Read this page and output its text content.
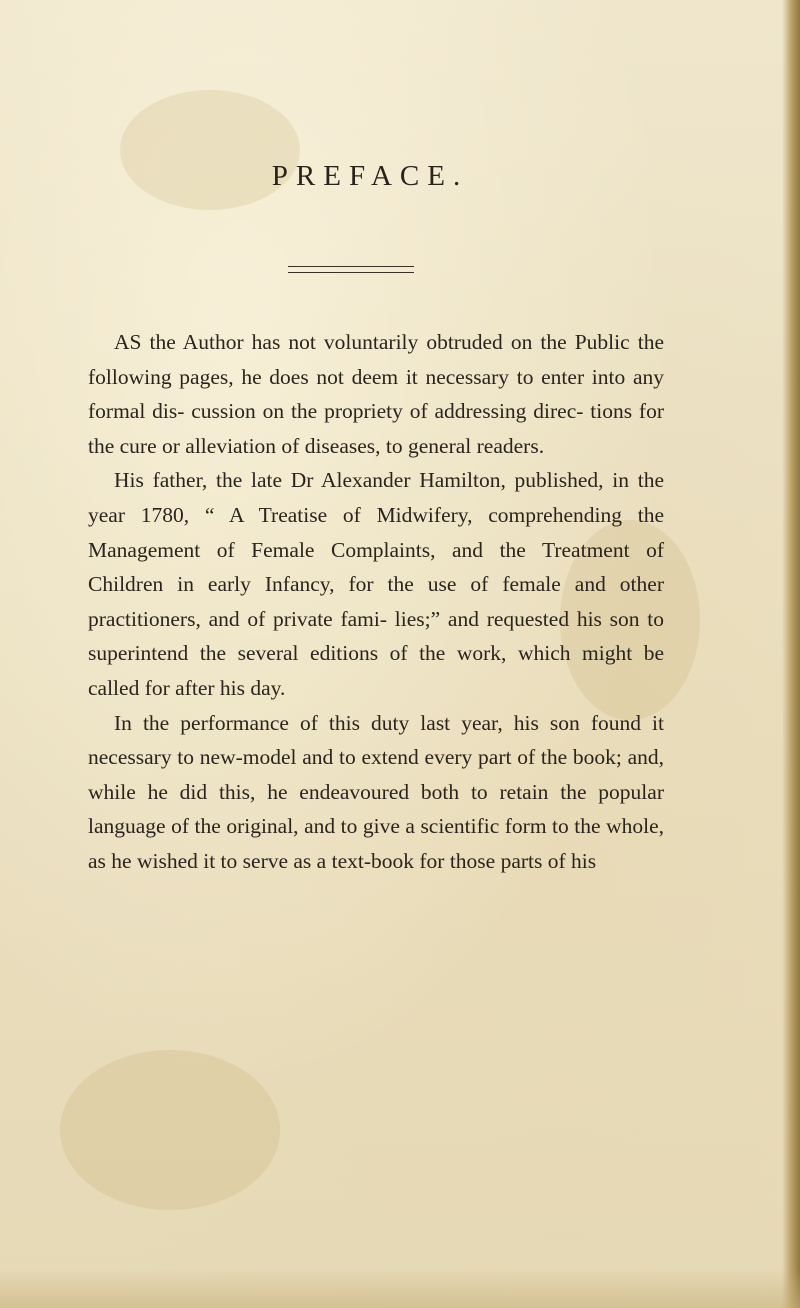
PREFACE.

AS the Author has not voluntarily obtruded on the Public the following pages, he does not deem it necessary to enter into any formal dis- cussion on the propriety of addressing direc- tions for the cure or alleviation of diseases, to general readers.

His father, the late Dr Alexander Hamilton, published, in the year 1780, “ A Treatise of Midwifery, comprehending the Management of Female Complaints, and the Treatment of Children in early Infancy, for the use of female and other practitioners, and of private fami- lies;” and requested his son to superintend the several editions of the work, which might be called for after his day.

In the performance of this duty last year, his son found it necessary to new-model and to extend every part of the book; and, while he did this, he endeavoured both to retain the popular language of the original, and to give a scientific form to the whole, as he wished it to serve as a text-book for those parts of his
